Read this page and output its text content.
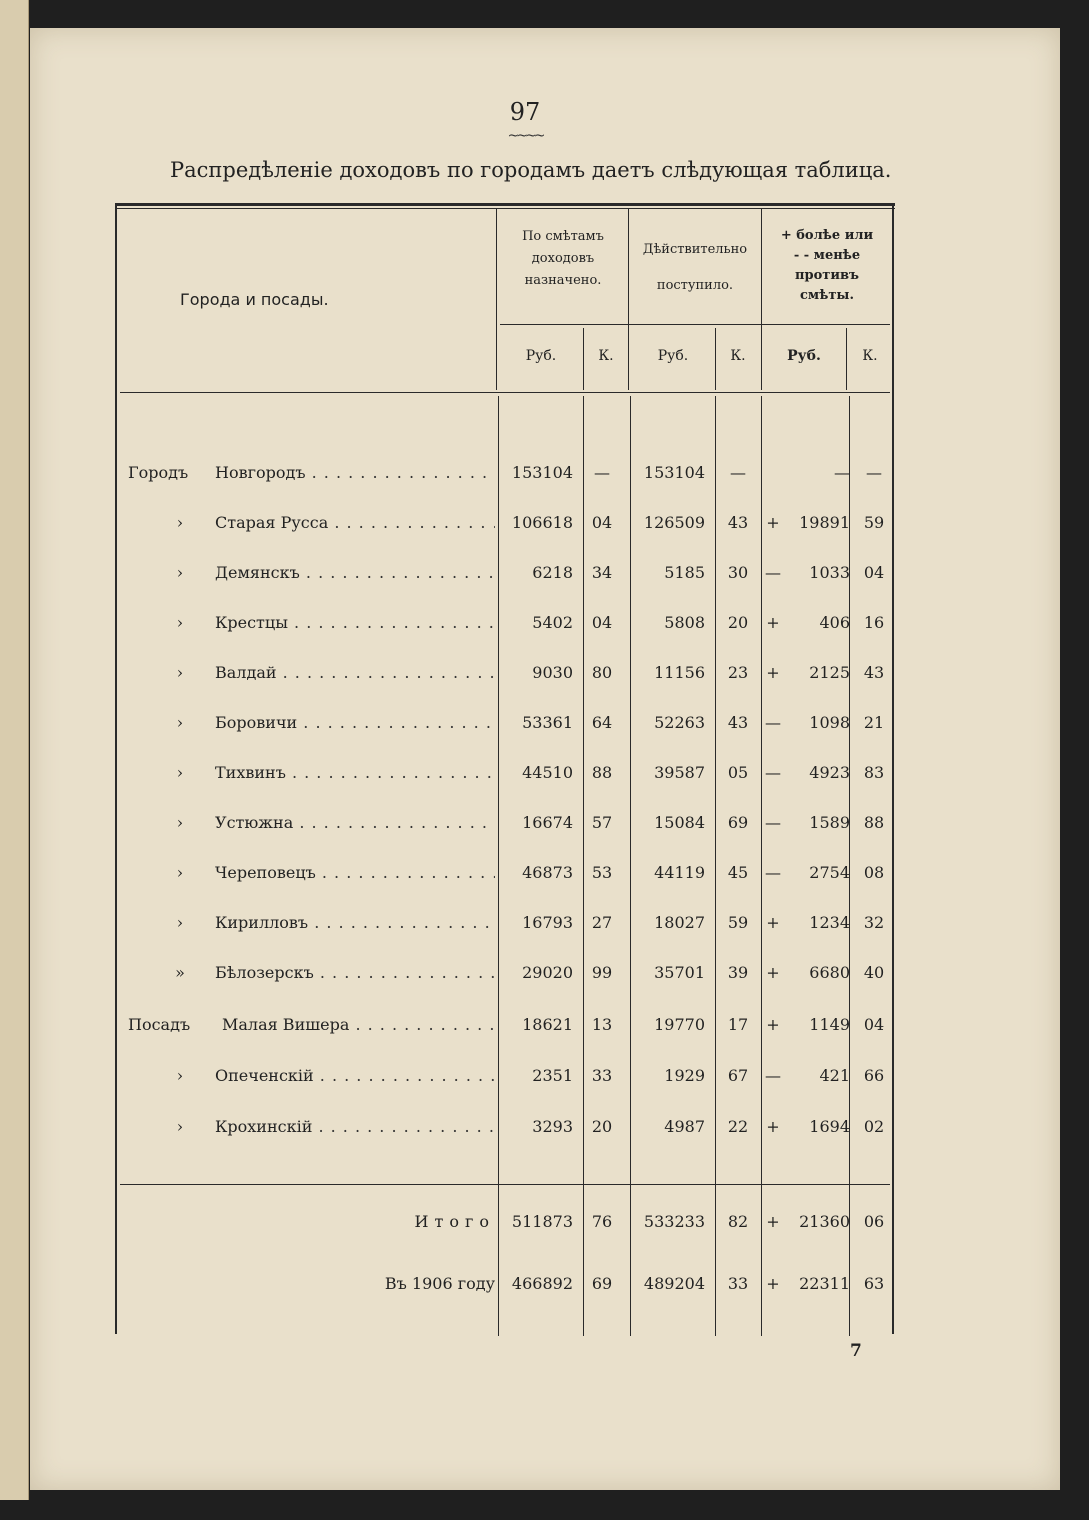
97
~~~~
Распредѣленіе доходовъ по городамъ даетъ слѣдующая таблица.
Города и посады.
По смѣтамъ
доходовъ
назначено.
Дѣйствительно
поступило.
+ болѣе или
- - менѣе
противъ
смѣты.
Руб.	К.	Руб.	К.	Руб.	К.
Городъ	Новгородъ . . .	153104	—	153104	—	—	—
›	Старая Русса . . .	106618	04	126509	43	+	19891 59
›	Демянскъ . . .	6218	34	5185	30	—	1033 04
›	Крестцы . . .	5402	04	5808	20	+	406 16
›	Валдай . . .	9030	80	11156	23	+	2125 43
›	Боровичи . . .	53361	64	52263	43	—	1098 21
›	Тихвинъ . . .	44510	88	39587	05	—	4923 83
›	Устюжна . . .	16674	57	15084	69	—	1589 88
›	Череповецъ . . .	46873	53	44119	45	—	2754 08
›	Кирилловъ . . .	16793	27	18027	59	+	1234 32
»	Бѣлозерскъ . . .	29020	99	35701	39	+	6680 40
Посадъ	Малая Вишера . . .	18621	13	19770	17	+	1149 04
›	Опеченскій . . .	2351	33	1929	67	—	421 66
›	Крохинскій . . .	3293	20	4987	22	+	1694 02
Итого	511873	76	533233	82	+	21360 06
Въ 1906 году	466892	69	489204	33	+	22311 63
7
